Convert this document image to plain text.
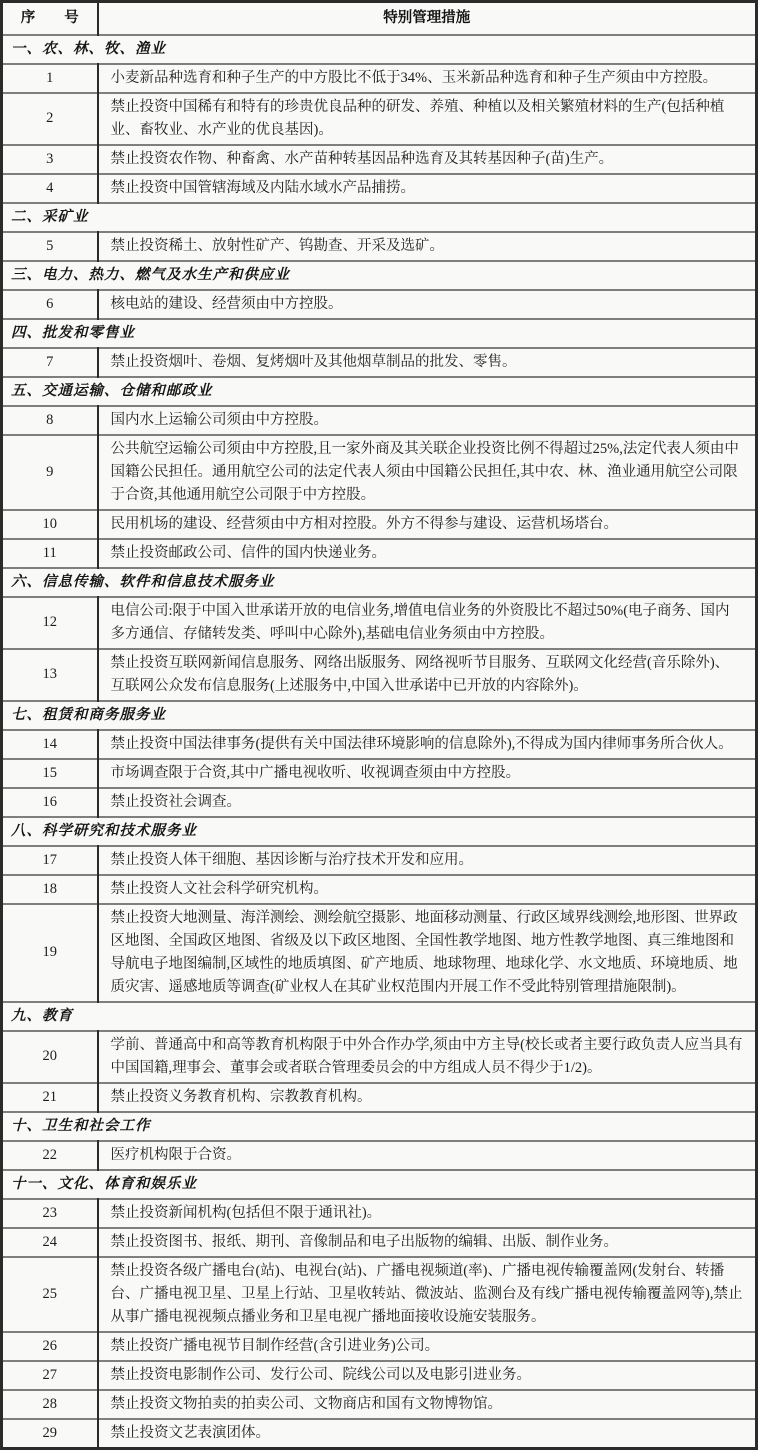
序　　号	特别管理措施
一、农、林、牧、渔业	
1	小麦新品种选育和种子生产的中方股比不低于34%、玉米新品种选育和种子生产须由中方控股。
2	禁止投资中国稀有和特有的珍贵优良品种的研发、养殖、种植以及相关繁殖材料的生产(包括种植业、畜牧业、水产业的优良基因)。
3	禁止投资农作物、种畜禽、水产苗种转基因品种选育及其转基因种子(苗)生产。
4	禁止投资中国管辖海域及内陆水域水产品捕捞。
二、采矿业	
5	禁止投资稀土、放射性矿产、钨勘查、开采及选矿。
三、电力、热力、燃气及水生产和供应业	
6	核电站的建设、经营须由中方控股。
四、批发和零售业	
7	禁止投资烟叶、卷烟、复烤烟叶及其他烟草制品的批发、零售。
五、交通运输、仓储和邮政业	
8	国内水上运输公司须由中方控股。
9	公共航空运输公司须由中方控股,且一家外商及其关联企业投资比例不得超过25%,法定代表人须由中国籍公民担任。通用航空公司的法定代表人须由中国籍公民担任,其中农、林、渔业通用航空公司限于合资,其他通用航空公司限于中方控股。
10	民用机场的建设、经营须由中方相对控股。外方不得参与建设、运营机场塔台。
11	禁止投资邮政公司、信件的国内快递业务。
六、信息传输、软件和信息技术服务业	
12	电信公司:限于中国入世承诺开放的电信业务,增值电信业务的外资股比不超过50%(电子商务、国内多方通信、存储转发类、呼叫中心除外),基础电信业务须由中方控股。
13	禁止投资互联网新闻信息服务、网络出版服务、网络视听节目服务、互联网文化经营(音乐除外)、互联网公众发布信息服务(上述服务中,中国入世承诺中已开放的内容除外)。
七、租赁和商务服务业	
14	禁止投资中国法律事务(提供有关中国法律环境影响的信息除外),不得成为国内律师事务所合伙人。
15	市场调查限于合资,其中广播电视收听、收视调查须由中方控股。
16	禁止投资社会调查。
八、科学研究和技术服务业	
17	禁止投资人体干细胞、基因诊断与治疗技术开发和应用。
18	禁止投资人文社会科学研究机构。
19	禁止投资大地测量、海洋测绘、测绘航空摄影、地面移动测量、行政区域界线测绘,地形图、世界政区地图、全国政区地图、省级及以下政区地图、全国性教学地图、地方性教学地图、真三维地图和导航电子地图编制,区域性的地质填图、矿产地质、地球物理、地球化学、水文地质、环境地质、地质灾害、遥感地质等调查(矿业权人在其矿业权范围内开展工作不受此特别管理措施限制)。
九、教育	
20	学前、普通高中和高等教育机构限于中外合作办学,须由中方主导(校长或者主要行政负责人应当具有中国国籍,理事会、董事会或者联合管理委员会的中方组成人员不得少于1/2)。
21	禁止投资义务教育机构、宗教教育机构。
十、卫生和社会工作	
22	医疗机构限于合资。
十一、文化、体育和娱乐业	
23	禁止投资新闻机构(包括但不限于通讯社)。
24	禁止投资图书、报纸、期刊、音像制品和电子出版物的编辑、出版、制作业务。
25	禁止投资各级广播电台(站)、电视台(站)、广播电视频道(率)、广播电视传输覆盖网(发射台、转播台、广播电视卫星、卫星上行站、卫星收转站、微波站、监测台及有线广播电视传输覆盖网等),禁止从事广播电视视频点播业务和卫星电视广播地面接收设施安装服务。
26	禁止投资广播电视节目制作经营(含引进业务)公司。
27	禁止投资电影制作公司、发行公司、院线公司以及电影引进业务。
28	禁止投资文物拍卖的拍卖公司、文物商店和国有文物博物馆。
29	禁止投资文艺表演团体。
